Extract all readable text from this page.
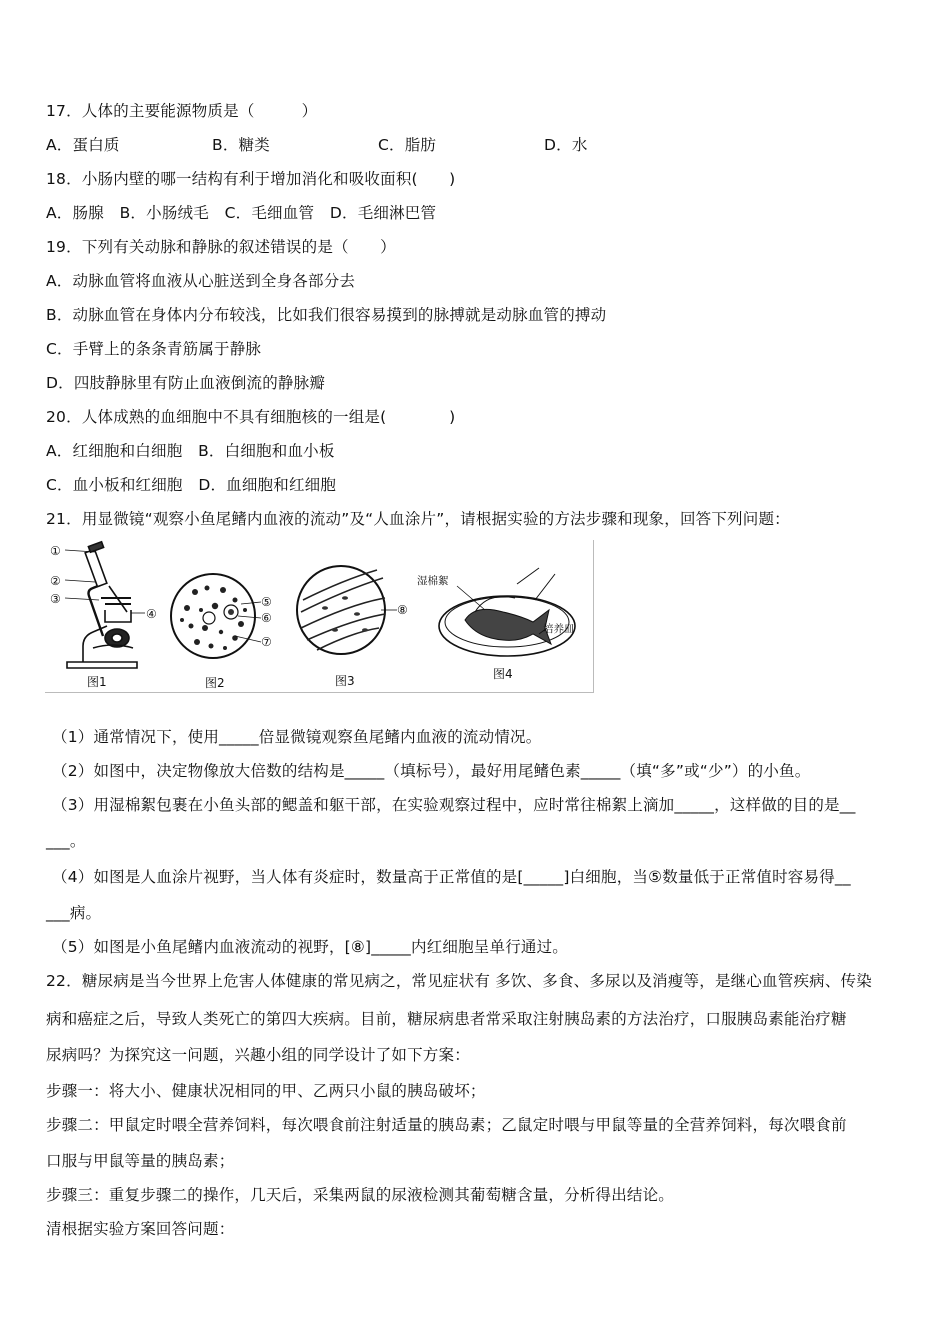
17．人体的主要能源物质是（　　　）
A．蛋白质	B．糖类	C．脂肪	D．水
18．小肠内壁的哪一结构有利于增加消化和吸收面积(　　)
A．肠腺　B．小肠绒毛　C．毛细血管　D．毛细淋巴管
19．下列有关动脉和静脉的叙述错误的是（　　）
A．动脉血管将血液从心脏送到全身各部分去
B．动脉血管在身体内分布较浅，比如我们很容易摸到的脉搏就是动脉血管的搏动
C．手臂上的条条青筋属于静脉
D．四肢静脉里有防止血液倒流的静脉瓣
20．人体成熟的血细胞中不具有细胞核的一组是(　　　　)
A．红细胞和白细胞　B．白细胞和血小板
C．血小板和红细胞　D．血细胞和红细胞
21．用显微镜“观察小鱼尾鳍内血液的流动”及“人血涂片”，请根据实验的方法步骤和现象，回答下列问题：
①
②
③
④
图1
⑤
⑥
⑦
图2
⑧
图3
湿棉絮
培养皿
图4
（1）通常情况下，使用_____倍显微镜观察鱼尾鳍内血液的流动情况。
（2）如图中，决定物像放大倍数的结构是_____（填标号），最好用尾鳍色素_____（填“多”或“少”）的小鱼。
（3）用湿棉絮包裹在小鱼头部的鳃盖和躯干部，在实验观察过程中，应时常往棉絮上滴加_____，这样做的目的是__
___。
（4）如图是人血涂片视野，当人体有炎症时，数量高于正常值的是[_____]白细胞，当⑤数量低于正常值时容易得__
___病。
（5）如图是小鱼尾鳍内血液流动的视野，[⑧]_____内红细胞呈单行通过。
22．糖尿病是当今世界上危害人体健康的常见病之，常见症状有 多饮、多食、多尿以及消瘦等，是继心血管疾病、传染
病和癌症之后，导致人类死亡的第四大疾病。目前，糖尿病患者常采取注射胰岛素的方法治疗，口服胰岛素能治疗糖
尿病吗？为探究这一问题，兴趣小组的同学设计了如下方案：
步骤一：将大小、健康状况相同的甲、乙两只小鼠的胰岛破坏；
步骤二：甲鼠定时喂全营养饲料，每次喂食前注射适量的胰岛素；乙鼠定时喂与甲鼠等量的全营养饲料，每次喂食前
口服与甲鼠等量的胰岛素；
步骤三：重复步骤二的操作，几天后，采集两鼠的尿液检测其葡萄糖含量，分析得出结论。
清根据实验方案回答问题：
